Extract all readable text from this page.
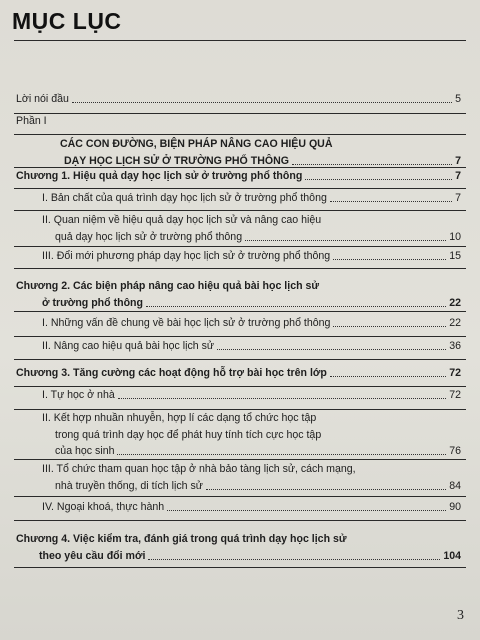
MỤC LỤC
Lời nói đầu	5
Phần I
CÁC CON ĐƯỜNG, BIỆN PHÁP NÂNG CAO HIỆU QUẢ
DẠY HỌC LỊCH SỬ Ở TRƯỜNG PHỔ THÔNG	7
Chương 1. Hiệu quả dạy học lịch sử ở trường phổ thông	7
I. Bản chất của quá trình dạy học lịch sử ở trường phổ thông	7
II. Quan niệm về hiệu quả dạy học lịch sử và nâng cao hiệu
quả dạy học lịch sử ở trường phổ thông	10
III. Đổi mới phương pháp dạy học lịch sử ở trường phổ thông	15
Chương 2. Các biện pháp nâng cao hiệu quả bài học lịch sử
ở trường phổ thông	22
I. Những vấn đề chung về bài học lịch sử ở trường phổ thông	22
II. Nâng cao hiệu quả bài học lịch sử	36
Chương 3. Tăng cường các hoạt động hỗ trợ bài học trên lớp	72
I. Tự học ở nhà	72
II. Kết hợp nhuần nhuyễn, hợp lí các dạng tổ chức học tập
trong quá trình dạy học để phát huy tính tích cực học tập
của học sinh	76
III. Tổ chức tham quan học tập ở nhà bảo tàng lịch sử, cách mạng,
nhà truyền thống, di tích lịch sử	84
IV. Ngoại khoá, thực hành	90
Chương 4. Việc kiểm tra, đánh giá trong quá trình dạy học lịch sử
theo yêu cầu đổi mới	104
3
